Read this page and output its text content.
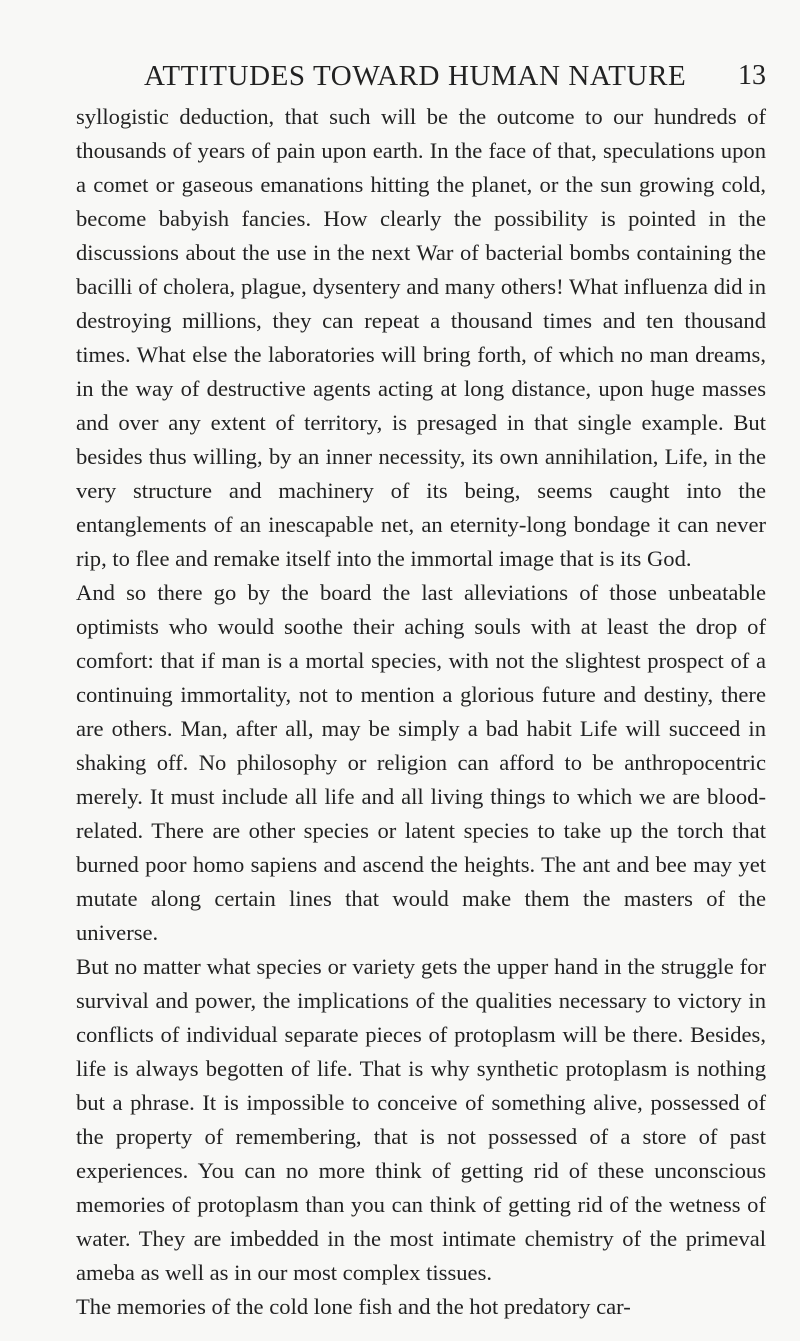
ATTITUDES TOWARD HUMAN NATURE 13

syllogistic deduction, that such will be the outcome to our hundreds of thousands of years of pain upon earth. In the face of that, speculations upon a comet or gaseous emanations hitting the planet, or the sun growing cold, become babyish fancies. How clearly the possibility is pointed in the discussions about the use in the next War of bacterial bombs containing the bacilli of cholera, plague, dysentery and many others! What influenza did in destroying millions, they can repeat a thousand times and ten thousand times. What else the laboratories will bring forth, of which no man dreams, in the way of destructive agents acting at long distance, upon huge masses and over any extent of territory, is presaged in that single example. But besides thus willing, by an inner necessity, its own annihilation, Life, in the very structure and machinery of its being, seems caught into the entanglements of an inescapable net, an eternity-long bondage it can never rip, to flee and remake itself into the immortal image that is its God.

And so there go by the board the last alleviations of those unbeatable optimists who would soothe their aching souls with at least the drop of comfort: that if man is a mortal species, with not the slightest prospect of a continuing immortality, not to mention a glorious future and destiny, there are others. Man, after all, may be simply a bad habit Life will succeed in shaking off. No philosophy or religion can afford to be anthropocentric merely. It must include all life and all living things to which we are blood-related. There are other species or latent species to take up the torch that burned poor homo sapiens and ascend the heights. The ant and bee may yet mutate along certain lines that would make them the masters of the universe.

But no matter what species or variety gets the upper hand in the struggle for survival and power, the implications of the qualities necessary to victory in conflicts of individual separate pieces of protoplasm will be there. Besides, life is always begotten of life. That is why synthetic protoplasm is nothing but a phrase. It is impossible to conceive of something alive, possessed of the property of remembering, that is not possessed of a store of past experiences. You can no more think of getting rid of these unconscious memories of protoplasm than you can think of getting rid of the wetness of water. They are imbedded in the most intimate chemistry of the primeval ameba as well as in our most complex tissues.

The memories of the cold lone fish and the hot predatory car-
